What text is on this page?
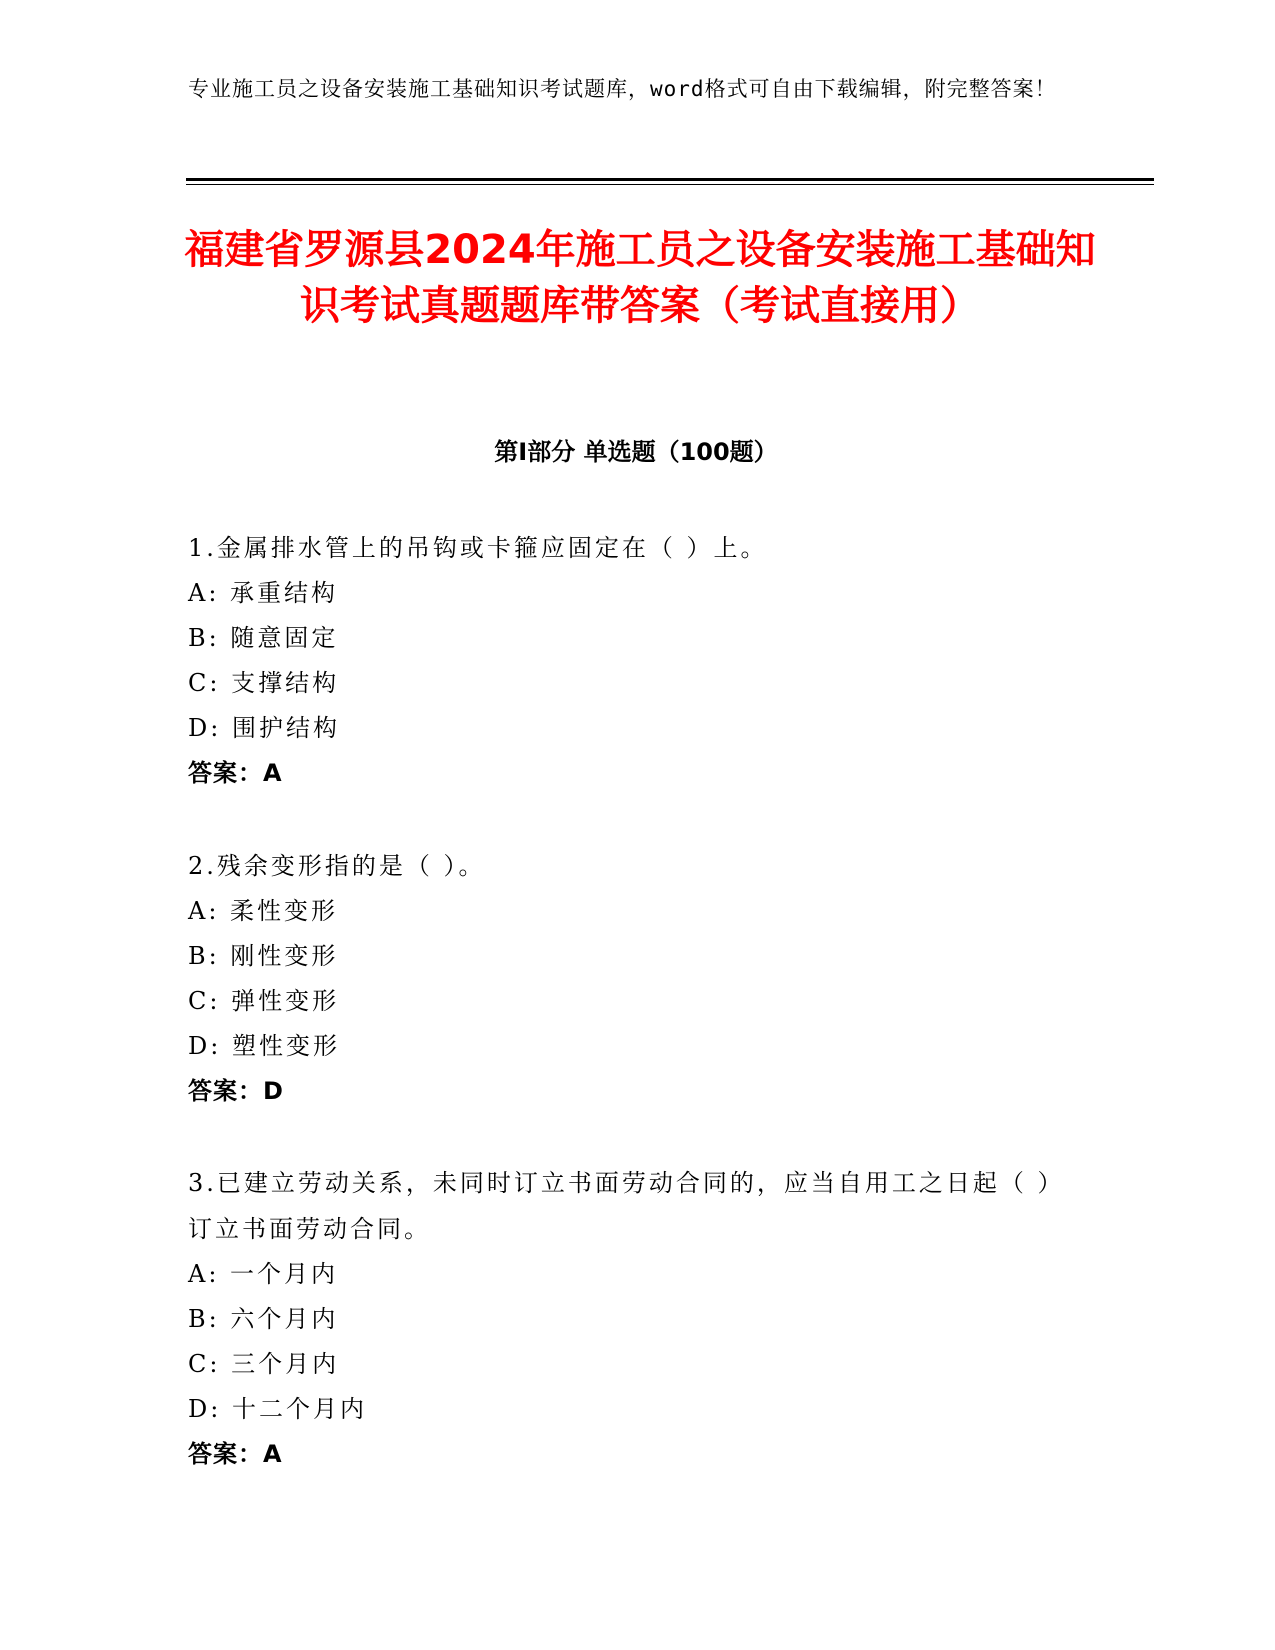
专业施工员之设备安装施工基础知识考试题库，word格式可自由下载编辑，附完整答案！
福建省罗源县2024年施工员之设备安装施工基础知识考试真题题库带答案（考试直接用）
第I部分 单选题（100题）
1.金属排水管上的吊钩或卡箍应固定在（ ）上。
A: 承重结构
B: 随意固定
C: 支撑结构
D: 围护结构
答案：A
2.残余变形指的是（ ）。
A: 柔性变形
B: 刚性变形
C: 弹性变形
D: 塑性变形
答案：D
3.已建立劳动关系，未同时订立书面劳动合同的，应当自用工之日起（ ）订立书面劳动合同。
A: 一个月内
B: 六个月内
C: 三个月内
D: 十二个月内
答案：A
